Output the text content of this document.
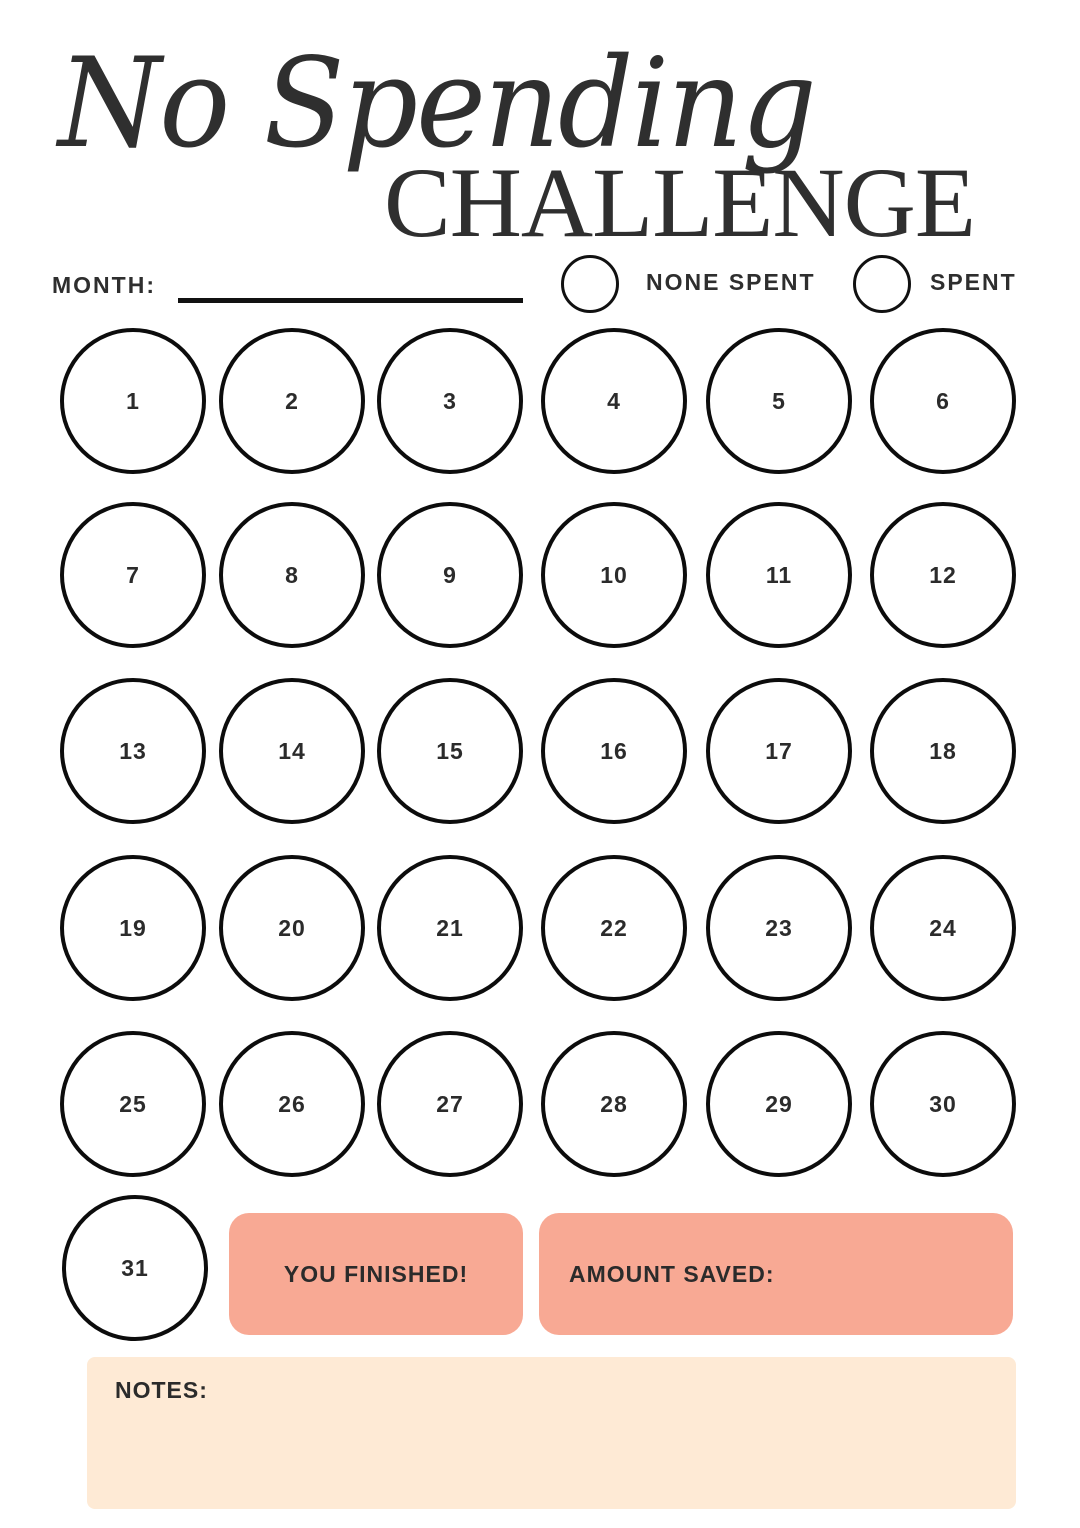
No Spending
CHALLENGE
MONTH:	NONE SPENT	SPENT
1	2	3	4	5	6
7	8	9	10	11	12
13	14	15	16	17	18
19	20	21	22	23	24
25	26	27	28	29	30
31	YOU FINISHED!	AMOUNT SAVED:
NOTES:
